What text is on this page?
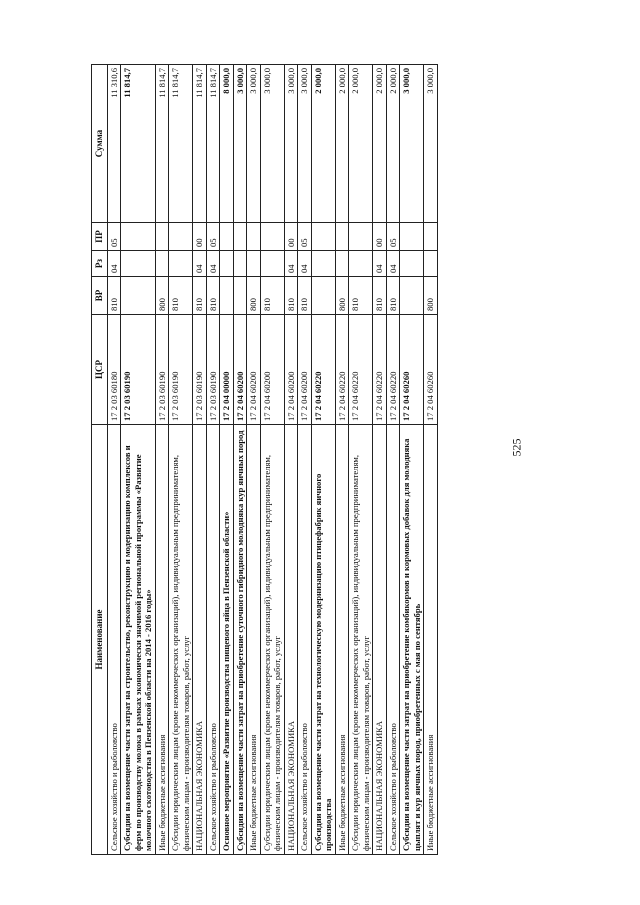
525
Наименование	ЦСР	ВР	Рз	ПР	Сумма
Сельское хозяйство и рыболовство	17 2 03 60180	810	04	05	11 310,6
Субсидии на возмещение части затрат на строительство, реконструкцию и модернизацию комплексов и ферм по производству молока в рамках экономически значимой региональной программы «Развитие молочного скотоводства в Пензенской области на 2014 - 2016 годы»	17 2 03 60190				11 814,7
Иные бюджетные ассигнования	17 2 03 60190	800			11 814,7
Субсидии юридическим лицам (кроме некоммерческих организаций), индивидуальным предпринимателям, физическим лицам - производителям товаров, работ, услуг	17 2 03 60190	810			11 814,7
НАЦИОНАЛЬНАЯ ЭКОНОМИКА	17 2 03 60190	810	04	00	11 814,7
Сельское хозяйство и рыболовство	17 2 03 60190	810	04	05	11 814,7
Основное мероприятие «Развитие производства пищевого яйца в Пензенской области»	17 2 04 00000				8 000,0
Субсидии на возмещение части затрат на приобретение суточного гибридного молодняка кур яичных пород	17 2 04 60200				3 000,0
Иные бюджетные ассигнования	17 2 04 60200	800			3 000,0
Субсидии юридическим лицам (кроме некоммерческих организаций), индивидуальным предпринимателям, физическим лицам - производителям товаров, работ, услуг	17 2 04 60200	810			3 000,0
НАЦИОНАЛЬНАЯ ЭКОНОМИКА	17 2 04 60200	810	04	00	3 000,0
Сельское хозяйство и рыболовство	17 2 04 60200	810	04	05	3 000,0
Субсидии на возмещение части затрат на технологическую модернизацию птицефабрик яичного производства	17 2 04 60220				2 000,0
Иные бюджетные ассигнования	17 2 04 60220	800			2 000,0
Субсидии юридическим лицам (кроме некоммерческих организаций), индивидуальным предпринимателям, физическим лицам - производителям товаров, работ, услуг	17 2 04 60220	810			2 000,0
НАЦИОНАЛЬНАЯ ЭКОНОМИКА	17 2 04 60220	810	04	00	2 000,0
Сельское хозяйство и рыболовство	17 2 04 60220	810	04	05	2 000,0
Субсидии на возмещение части затрат на приобретение комбикормов и кормовых добавок для молодняка цыплят и кур яичных пород, приобретенных с мая по сентябрь	17 2 04 60260				3 000,0
Иные бюджетные ассигнования	17 2 04 60260	800			3 000,0
